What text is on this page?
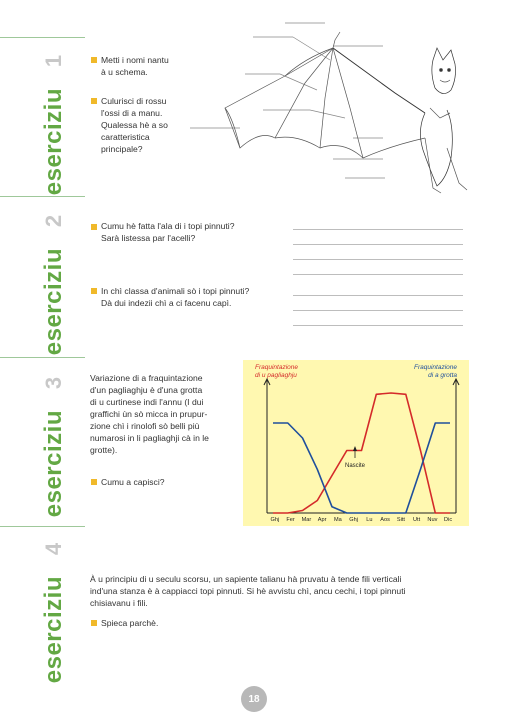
1
eserciziu
2
eserciziu
3
eserciziu
4
eserciziu
Metti i nomi nantu
à u schema.
Culurisci di rossu
l'ossi di a manu.
Qualessa hè a so
caratteristica
principale?
Cumu hè fatta l'ala di i topi pinnuti?
Sarà listessa par l'acelli?
In chì classa d'animali sò i topi pinnuti?
Dà dui indezii chì a ci facenu capì.
Variazione di a fraquintazione
d'un pagliaghju è d'una grotta
di u curtinese indi l'annu (I dui
graffichi ùn sò micca in prupur-
zione chì i rinolofi sò belli più
numarosi in li pagliaghji cà in le
grotte).
Cumu a capisci?
Fraquintazione
di u pagliaghju
Fraquintazione
di a grotta
Ghj Fer Mar Apr Ma Ghj Lu Aos Sitt Utt Nuv Dic
Nascite
À u principiu di u seculu scorsu, un sapiente talianu hà pruvatu à tende fili verticali
ind'una stanza è à cappiacci topi pinnuti. Si hè avvistu chì, ancu cechi, i topi pinnuti
chisiavanu i fili.
Spieca parchè.
18
